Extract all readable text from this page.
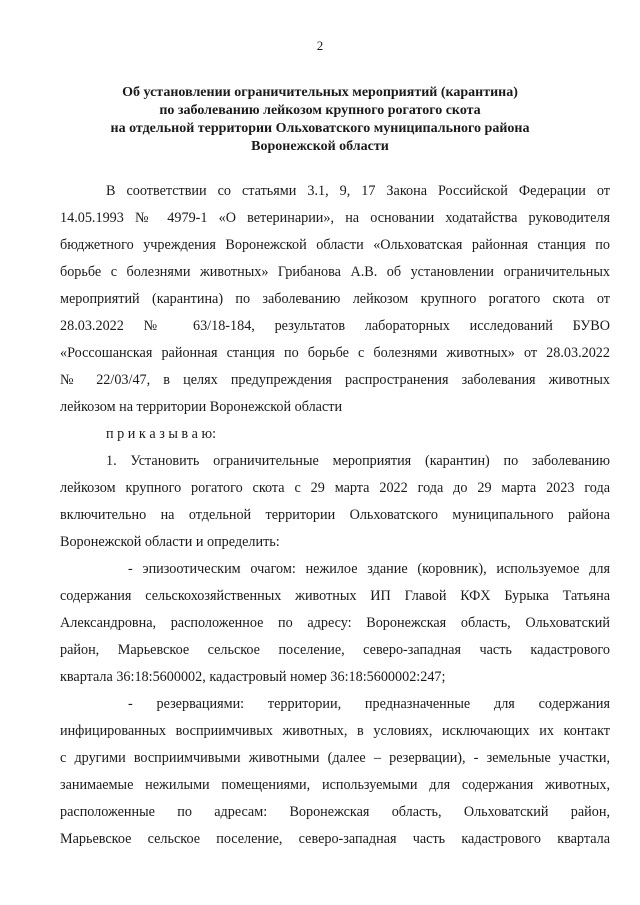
2
Об установлении ограничительных мероприятий (карантина)
по заболеванию лейкозом крупного рогатого скота
на отдельной территории Ольховатского муниципального района
Воронежской области
В соответствии со статьями 3.1, 9, 17 Закона Российской Федерации от
14.05.1993 № 4979-1 «О ветеринарии», на основании ходатайства руководителя
бюджетного учреждения Воронежской области «Ольховатская районная станция по
борьбе с болезнями животных» Грибанова А.В. об установлении ограничительных
мероприятий (карантина) по заболеванию лейкозом крупного рогатого скота от
28.03.2022 № 63/18-184, результатов лабораторных исследований БУВО
«Россошанская районная станция по борьбе с болезнями животных» от 28.03.2022
№ 22/03/47, в целях предупреждения распространения заболевания животных
лейкозом на территории Воронежской области
п р и к а з ы в а ю:
1. Установить ограничительные мероприятия (карантин) по заболеванию
лейкозом крупного рогатого скота с 29 марта 2022 года до 29 марта 2023 года
включительно на отдельной территории Ольховатского муниципального района
Воронежской области и определить:
- эпизоотическим очагом: нежилое здание (коровник), используемое для
содержания сельскохозяйственных животных ИП Главой КФХ Бурыка Татьяна
Александровна, расположенное по адресу: Воронежская область, Ольховатский
район, Марьевское сельское поселение, северо-западная часть кадастрового
квартала 36:18:5600002, кадастровый номер 36:18:5600002:247;
- резервациями: территории, предназначенные для содержания
инфицированных восприимчивых животных, в условиях, исключающих их контакт
с другими восприимчивыми животными (далее – резервации), - земельные участки,
занимаемые нежилыми помещениями, используемыми для содержания животных,
расположенные по адресам: Воронежская область, Ольховатский район,
Марьевское сельское поселение, северо-западная часть кадастрового квартала
